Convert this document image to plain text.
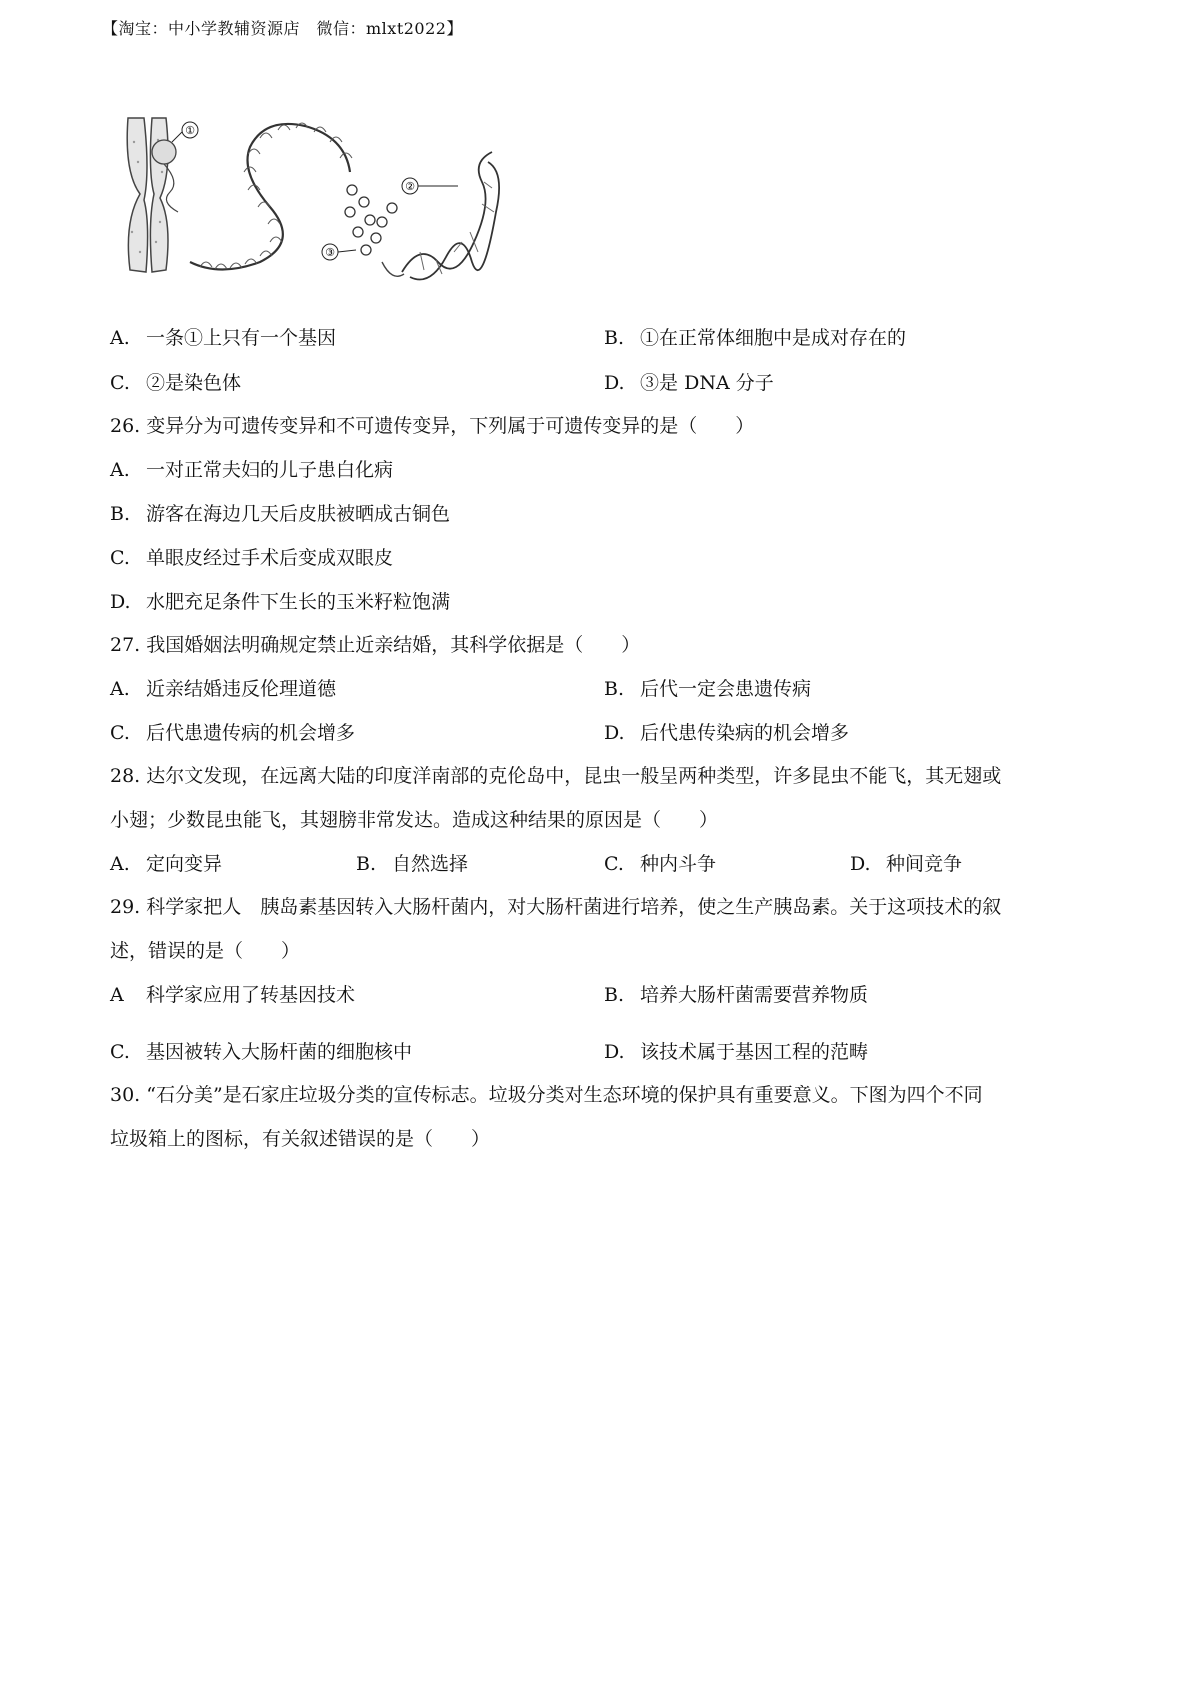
【淘宝：中小学教辅资源店　微信：mlxt2022】
①
②
③
A. 一条①上只有一个基因	B. ①在正常体细胞中是成对存在的
C. ②是染色体	D. ③是 DNA 分子
26. 变异分为可遗传变异和不可遗传变异，下列属于可遗传变异的是（　　）
A. 一对正常夫妇的儿子患白化病
B. 游客在海边几天后皮肤被晒成古铜色
C. 单眼皮经过手术后变成双眼皮
D. 水肥充足条件下生长的玉米籽粒饱满
27. 我国婚姻法明确规定禁止近亲结婚，其科学依据是（　　）
A. 近亲结婚违反伦理道德	B. 后代一定会患遗传病
C. 后代患遗传病的机会增多	D. 后代患传染病的机会增多
28. 达尔文发现，在远离大陆的印度洋南部的克伦岛中，昆虫一般呈两种类型，许多昆虫不能飞，其无翅或
小翅；少数昆虫能飞，其翅膀非常发达。造成这种结果的原因是（　　）
A. 定向变异	B. 自然选择	C. 种内斗争	D. 种间竞争
29. 科学家把人　胰岛素基因转入大肠杆菌内，对大肠杆菌进行培养，使之生产胰岛素。关于这项技术的叙
述，错误的是（　　）
A 科学家应用了转基因技术	B. 培养大肠杆菌需要营养物质
C. 基因被转入大肠杆菌的细胞核中	D. 该技术属于基因工程的范畴
30. “石分美”是石家庄垃圾分类的宣传标志。垃圾分类对生态环境的保护具有重要意义。下图为四个不同
垃圾箱上的图标，有关叙述错误的是（　　）
